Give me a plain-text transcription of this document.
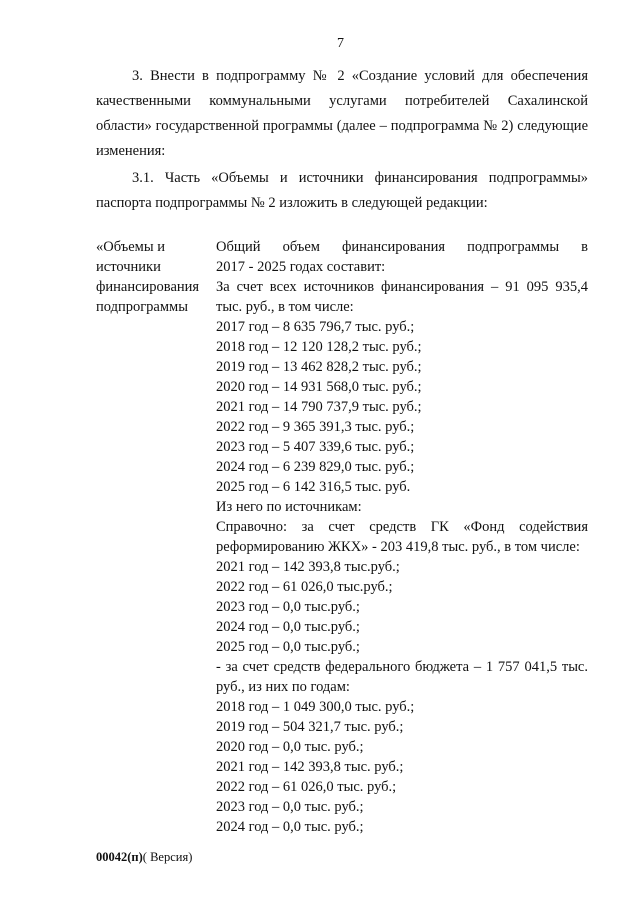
7
3. Внести в подпрограмму № 2 «Создание условий для обеспечения качественными коммунальными услугами потребителей Сахалинской области» государственной программы (далее – подпрограмма № 2) следующие изменения:
3.1. Часть «Объемы и источники финансирования подпрограммы» паспорта подпрограммы № 2 изложить в следующей редакции:
«Объемы и
источники
финансирования
подпрограммы
Общий объем финансирования подпрограммы в
2017 - 2025 годах составит:
За счет всех источников финансирования – 91 095 935,4
тыс. руб., в том числе:
2017 год – 8 635 796,7 тыс. руб.;
2018 год – 12 120 128,2 тыс. руб.;
2019 год – 13 462 828,2 тыс. руб.;
2020 год – 14 931 568,0 тыс. руб.;
2021 год – 14 790 737,9 тыс. руб.;
2022 год – 9 365 391,3 тыс. руб.;
2023 год – 5 407 339,6 тыс. руб.;
2024 год – 6 239 829,0 тыс. руб.;
2025 год – 6 142 316,5 тыс. руб.
Из него по источникам:
Справочно: за счет средств ГК «Фонд содействия
реформированию ЖКХ» - 203 419,8 тыс. руб., в том числе:
2021 год – 142 393,8 тыс.руб.;
2022 год – 61 026,0 тыс.руб.;
2023 год – 0,0 тыс.руб.;
2024 год – 0,0 тыс.руб.;
2025 год – 0,0 тыс.руб.;
- за счет средств федерального бюджета – 1 757 041,5 тыс.
руб., из них по годам:
2018 год – 1 049 300,0 тыс. руб.;
2019 год – 504 321,7 тыс. руб.;
2020 год – 0,0 тыс. руб.;
2021 год – 142 393,8 тыс. руб.;
2022 год – 61 026,0 тыс. руб.;
2023 год – 0,0 тыс. руб.;
2024 год – 0,0 тыс. руб.;
00042(п)( Версия)
